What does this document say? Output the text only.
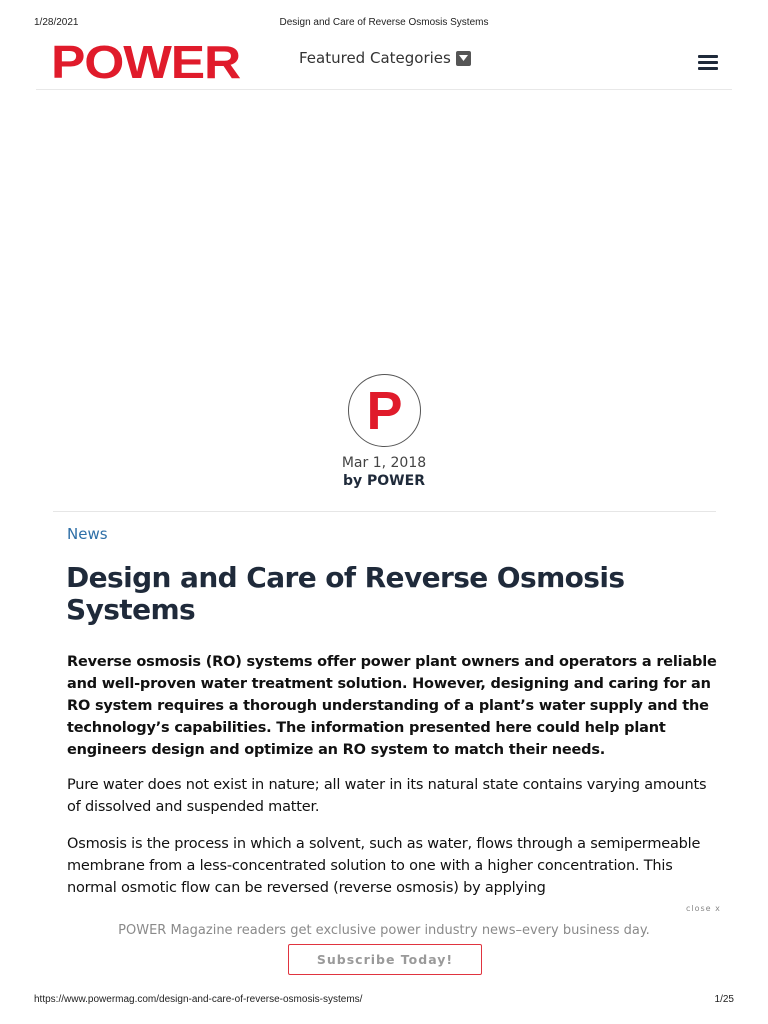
1/28/2021	Design and Care of Reverse Osmosis Systems
POWER	Featured Categories
P
Mar 1, 2018
by POWER
News
Design and Care of Reverse Osmosis Systems

Reverse osmosis (RO) systems offer power plant owners and operators a reliable and well-proven water treatment solution. However, designing and caring for an RO system requires a thorough understanding of a plant’s water supply and the technology’s capabilities. The information presented here could help plant engineers design and optimize an RO system to match their needs.

Pure water does not exist in nature; all water in its natural state contains varying amounts of dissolved and suspended matter.

Osmosis is the process in which a solvent, such as water, flows through a semipermeable membrane from a less-concentrated solution to one with a higher concentration. This normal osmotic flow can be reversed (reverse osmosis) by applying

close x
POWER Magazine readers get exclusive power industry news–every business day.
Subscribe Today!
https://www.powermag.com/design-and-care-of-reverse-osmosis-systems/	1/25
